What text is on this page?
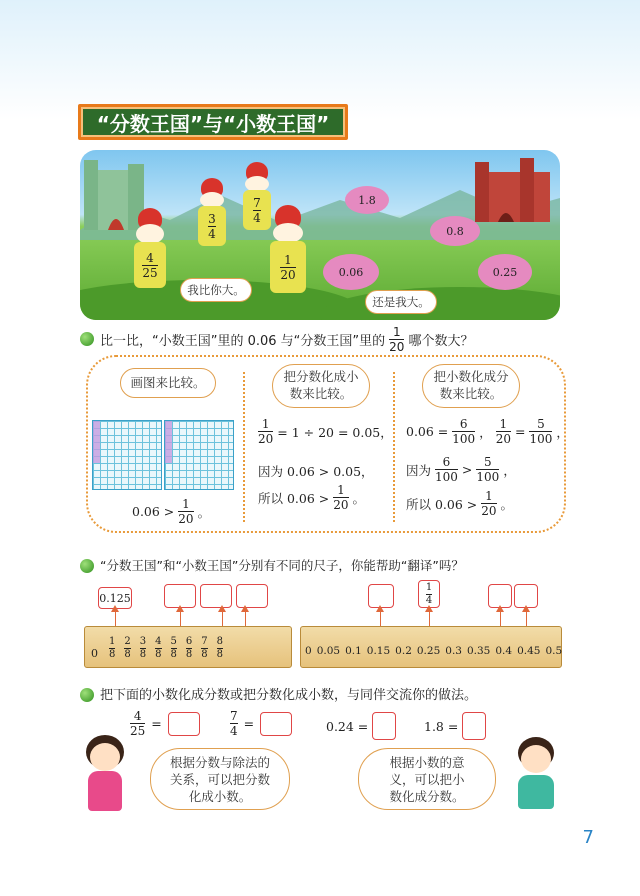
“分数王国”与“小数王国”
$\frac{4}{25}$
$\frac{3}{4}$
$\frac{7}{4}$
$\frac{1}{20}$
1.8
0.8
0.06	0.25
我比你大。
还是我大。
比一比，“小数王国”里的 0.06 与“分数王国”里的 $\frac{1}{20}$ 哪个数大？
画图来比较。
$0.06 > \frac{1}{20}$ 。
把分数化成小
数来比较。
$\frac{1}{20} = 1 \div 20 = 0.05$，
因为 0.06 > 0.05，
所以 $0.06 > \frac{1}{20}$ 。
把小数化成分
数来比较。
$0.06 = \frac{6}{100}$ ， $\frac{1}{20} = \frac{5}{100}$ ，
因为 $\frac{6}{100} > \frac{5}{100}$ ，
所以 $0.06 > \frac{1}{20}$ 。
“分数王国”和“小数王国”分别有不同的尺子，你能帮助“翻译”吗？
0.125
$0 \frac{1}{8} \frac{2}{8} \frac{3}{8} \frac{4}{8} \frac{5}{8} \frac{6}{8} \frac{7}{8} \frac{8}{8}$
$\frac{1}{4}$
0 0.05 0.1 0.15 0.2 0.25 0.3 0.35 0.4 0.45 0.5
把下面的小数化成分数或把分数化成小数，与同伴交流你的做法。
$\frac{4}{25}$ =	$\frac{7}{4}$ =	0.24 =	1.8 =
根据分数与除法的
关系，可以把分数
化成小数。
根据小数的意
义，可以把小
数化成分数。
7
